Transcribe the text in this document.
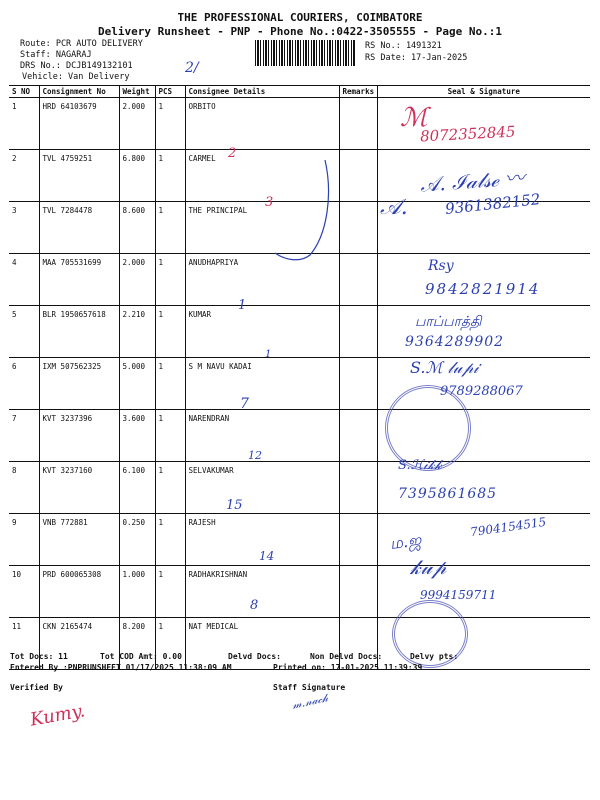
THE PROFESSIONAL COURIERS, COIMBATORE
Delivery Runsheet - PNP - Phone No.:0422-3505555 - Page No.:1
Route: PCR AUTO DELIVERY
Staff: NAGARAJ
DRS No.: DCJB149132101
Vehicle: Van Delivery
RS No.: 1491321
RS Date: 17-Jan-2025
2/
S NO	Consignment No	Weight	PCS	Consignee Details	Remarks	Seal & Signature
1	HRD 64103679	2.000	1	ORBITO		
2	TVL 4759251	6.800	1	CARMEL		
3	TVL 7284478	8.600	1	THE PRINCIPAL		
4	MAA 705531699	2.000	1	ANUDHAPRIYA		
5	BLR 1950657618	2.210	1	KUMAR		
6	IXM 507562325	5.000	1	S M NAVU KADAI		
7	KVT 3237396	3.600	1	NARENDRAN		
8	KVT 3237160	6.100	1	SELVAKUMAR		
9	VNB 772881	0.250	1	RAJESH		
10	PRD 600065308	1.000	1	RADHAKRISHNAN		
11	CKN 2165474	8.200	1	NAT MEDICAL		
ℳ
8072352845
2
𝒜. ℐ𝒶𝓁𝓈ℯ 〰
3	𝒜. 9361382152
Rsy
9842821914
1
பாப்பாத்தி
9364289902
1
S.ℳ 𝓁𝓊𝓅𝒾
9789288067
7
12
S.ℋ𝒾𝓀𝓀
7395861685
15
ம.ஜ
7904154515
14	𝓀𝓊𝓅
9994159711
8
Tot Docs: 11	Tot COD Amt: 0.00	Delvd Docs:	Non Delvd Docs:	Delvy pts:
Entered By :PNPRUNSHEET 01/17/2025 11:38:09 AM	Printed on: 17-01-2025 11:39:39
Verified By	Staff Signature
Kumy.	𝓂.𝓃𝒶𝒸𝒽
